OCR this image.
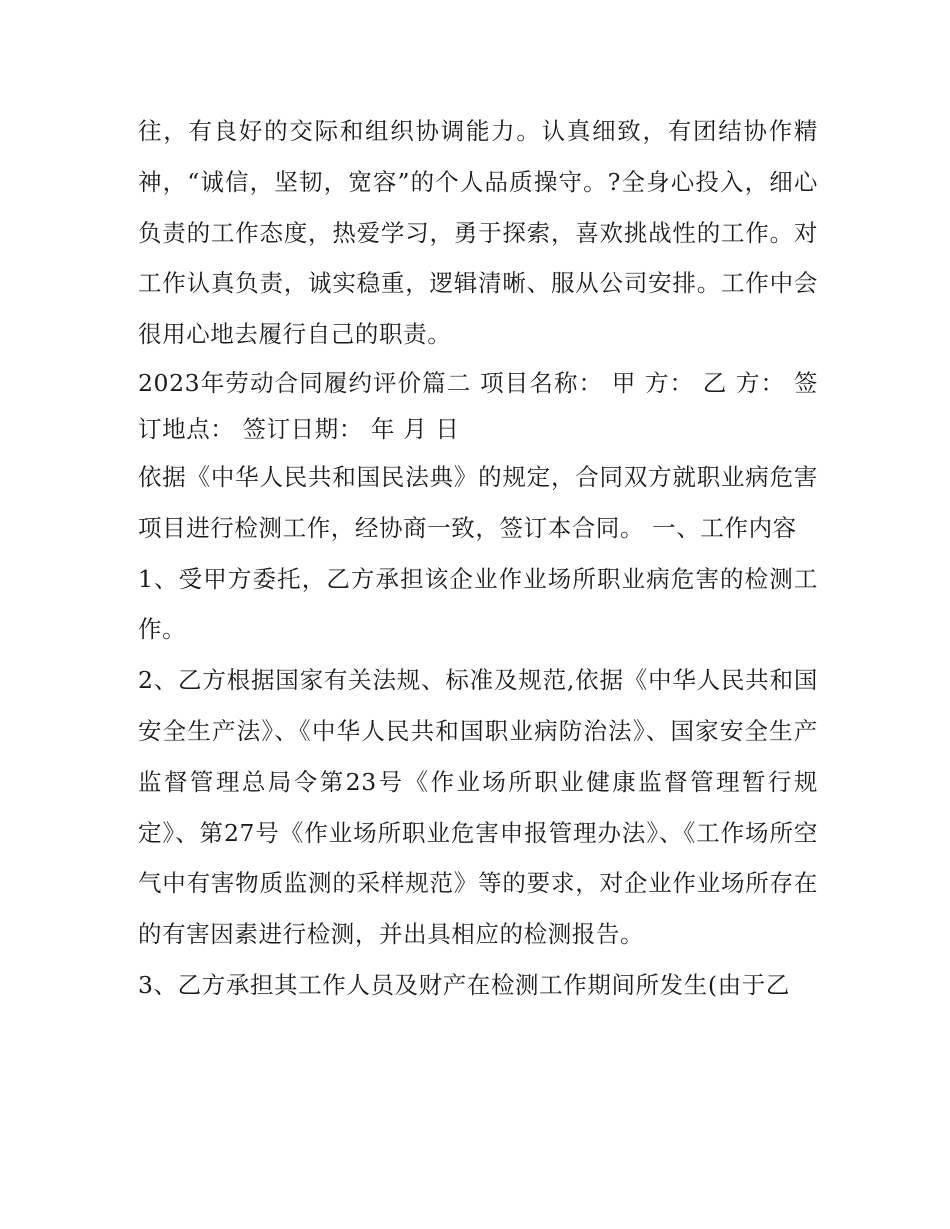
往，有良好的交际和组织协调能力。认真细致，有团结协作精神，“诚信，坚韧，宽容”的个人品质操守。?全身心投入，细心负责的工作态度，热爱学习，勇于探索，喜欢挑战性的工作。对工作认真负责，诚实稳重，逻辑清晰、服从公司安排。工作中会很用心地去履行自己的职责。

2023年劳动合同履约评价篇二 项目名称： 甲 方： 乙 方： 签订地点： 签订日期： 年 月 日

依据《中华人民共和国民法典》的规定，合同双方就职业病危害项目进行检测工作，经协商一致，签订本合同。 一、工作内容

1、受甲方委托，乙方承担该企业作业场所职业病危害的检测工作。

2、乙方根据国家有关法规、标准及规范,依据《中华人民共和国安全生产法》、《中华人民共和国职业病防治法》、国家安全生产监督管理总局令第23号《作业场所职业健康监督管理暂行规定》、第27号《作业场所职业危害申报管理办法》、《工作场所空气中有害物质监测的采样规范》等的要求，对企业作业场所存在的有害因素进行检测，并出具相应的检测报告。

3、乙方承担其工作人员及财产在检测工作期间所发生(由于乙
